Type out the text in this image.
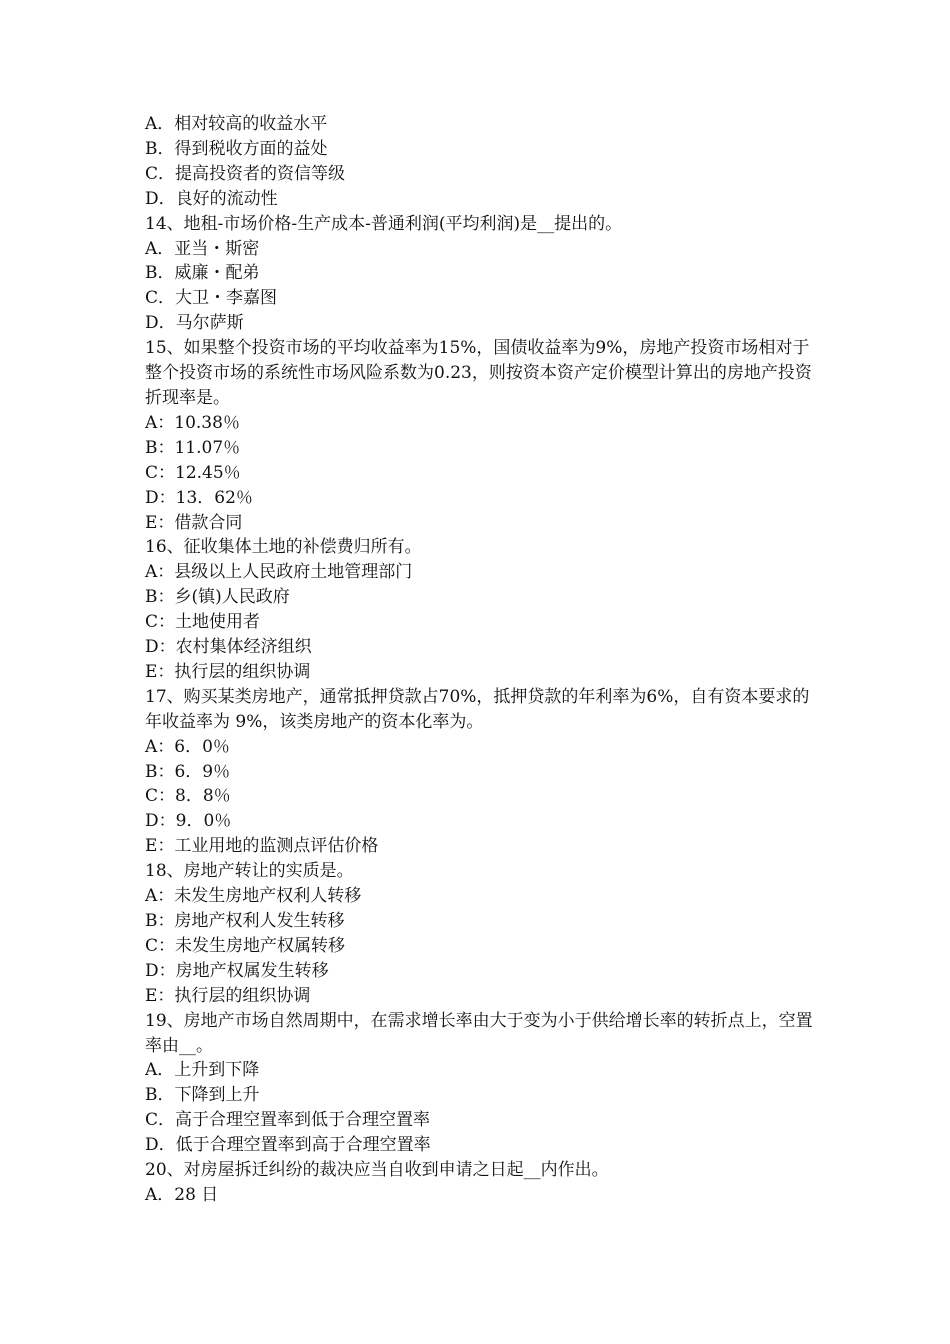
A．相对较高的收益水平
B．得到税收方面的益处
C．提高投资者的资信等级
D．良好的流动性
14、地租-市场价格-生产成本-普通利润(平均利润)是__提出的。
A．亚当・斯密
B．威廉・配弟
C．大卫・李嘉图
D．马尔萨斯
15、如果整个投资市场的平均收益率为15%，国债收益率为9%，房地产投资市场相对于整个投资市场的系统性市场风险系数为0.23，则按资本资产定价模型计算出的房地产投资折现率是。
A：10.38％
B：11.07％
C：12.45％
D：13．62％
E：借款合同
16、征收集体土地的补偿费归所有。
A：县级以上人民政府土地管理部门
B：乡(镇)人民政府
C：土地使用者
D：农村集体经济组织
E：执行层的组织协调
17、购买某类房地产，通常抵押贷款占70%，抵押贷款的年利率为6%，自有资本要求的年收益率为 9%，该类房地产的资本化率为。
A：6．0％
B：6．9％
C：8．8％
D：9．0％
E：工业用地的监测点评估价格
18、房地产转让的实质是。
A：未发生房地产权利人转移
B：房地产权利人发生转移
C：未发生房地产权属转移
D：房地产权属发生转移
E：执行层的组织协调
19、房地产市场自然周期中，在需求增长率由大于变为小于供给增长率的转折点上，空置率由__。
A．上升到下降
B．下降到上升
C．高于合理空置率到低于合理空置率
D．低于合理空置率到高于合理空置率
20、对房屋拆迁纠纷的裁决应当自收到申请之日起__内作出。
A．28 日
